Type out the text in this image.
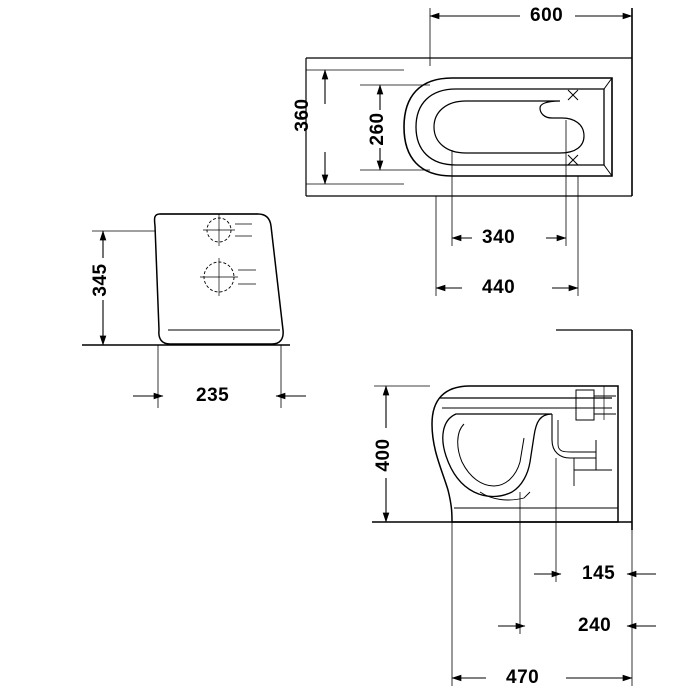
600
360	260
340
440
345
235
400
145
240
470
